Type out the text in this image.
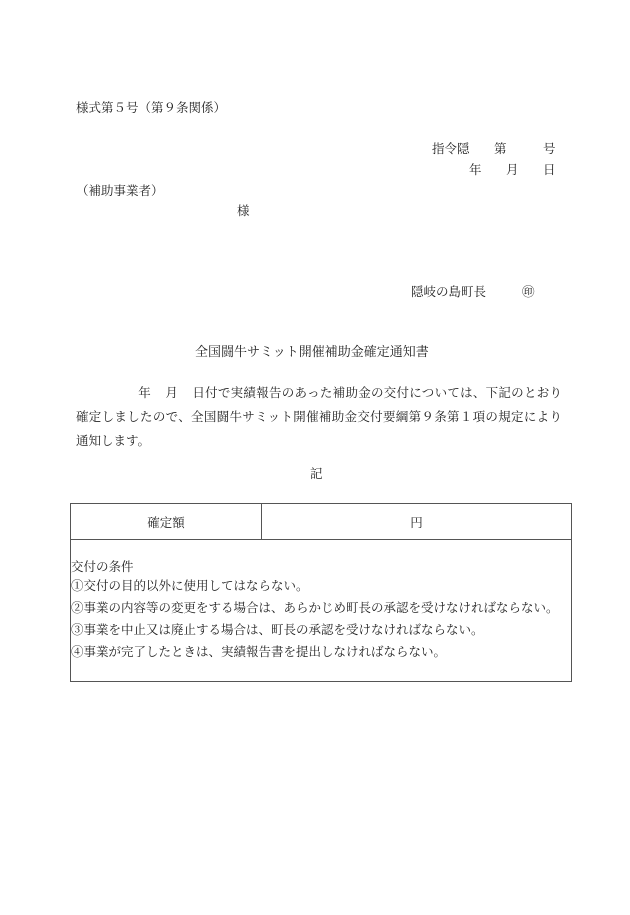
様式第５号（第９条関係）
指令隠 第	号
年 月 日
（補助事業者）
様
隠岐の島町長	㊞
全国闘牛サミット開催補助金確定通知書
年 月 日付で実績報告のあった補助金の交付については、下記のとおり確定しましたので、全国闘牛サミット開催補助金交付要綱第９条第１項の規定により通知します。
記
確定額	円

交付の条件
①交付の目的以外に使用してはならない。
②事業の内容等の変更をする場合は、あらかじめ町長の承認を受けなければならない。
③事業を中止又は廃止する場合は、町長の承認を受けなければならない。
④事業が完了したときは、実績報告書を提出しなければならない。
